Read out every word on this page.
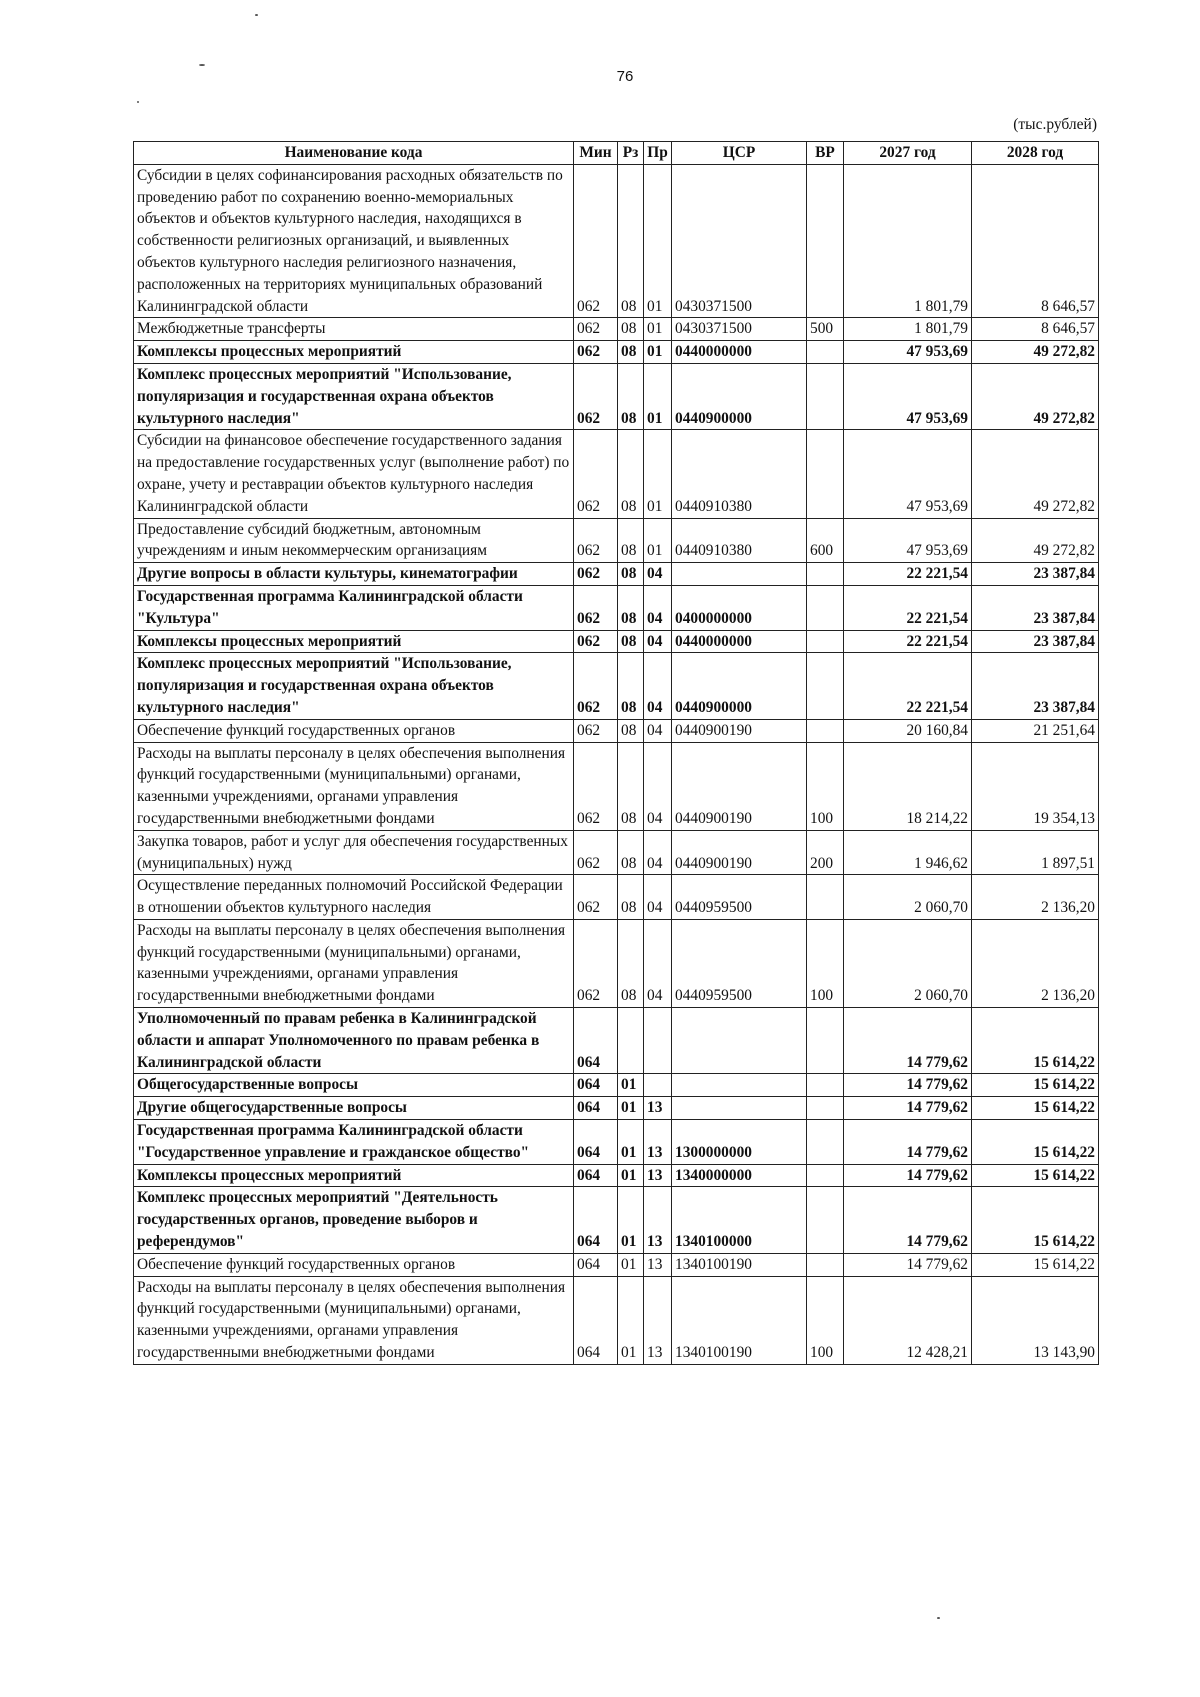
76
(тыс.рублей)
Наименование кода	Мин	Рз	Пр	ЦСР	ВР	2027 год	2028 год
Субсидии в целях софинансирования расходных обязательств по проведению работ по сохранению военно-мемориальных объектов и объектов культурного наследия, находящихся в собственности религиозных организаций, и выявленных объектов культурного наследия религиозного назначения, расположенных на территориях муниципальных образований Калининградской области	062	08	01	0430371500		1 801,79	8 646,57
Межбюджетные трансферты	062	08	01	0430371500	500	1 801,79	8 646,57
Комплексы процессных мероприятий	062	08	01	0440000000		47 953,69	49 272,82
Комплекс процессных мероприятий "Использование, популяризация и государственная охрана объектов культурного наследия"	062	08	01	0440900000		47 953,69	49 272,82
Субсидии на финансовое обеспечение государственного задания на предоставление государственных услуг (выполнение работ) по охране, учету и реставрации объектов культурного наследия Калининградской области	062	08	01	0440910380		47 953,69	49 272,82
Предоставление субсидий бюджетным, автономным учреждениям и иным некоммерческим организациям	062	08	01	0440910380	600	47 953,69	49 272,82
Другие вопросы в области культуры, кинематографии	062	08	04			22 221,54	23 387,84
Государственная программа Калининградской области "Культура"	062	08	04	0400000000		22 221,54	23 387,84
Комплексы процессных мероприятий	062	08	04	0440000000		22 221,54	23 387,84
Комплекс процессных мероприятий "Использование, популяризация и государственная охрана объектов культурного наследия"	062	08	04	0440900000		22 221,54	23 387,84
Обеспечение функций государственных органов	062	08	04	0440900190		20 160,84	21 251,64
Расходы на выплаты персоналу в целях обеспечения выполнения функций государственными (муниципальными) органами, казенными учреждениями, органами управления государственными внебюджетными фондами	062	08	04	0440900190	100	18 214,22	19 354,13
Закупка товаров, работ и услуг для обеспечения государственных (муниципальных) нужд	062	08	04	0440900190	200	1 946,62	1 897,51
Осуществление переданных полномочий Российской Федерации в отношении объектов культурного наследия	062	08	04	0440959500		2 060,70	2 136,20
Расходы на выплаты персоналу в целях обеспечения выполнения функций государственными (муниципальными) органами, казенными учреждениями, органами управления государственными внебюджетными фондами	062	08	04	0440959500	100	2 060,70	2 136,20
Уполномоченный по правам ребенка в Калининградской области и аппарат Уполномоченного по правам ребенка в Калининградской области	064					14 779,62	15 614,22
Общегосударственные вопросы	064	01				14 779,62	15 614,22
Другие общегосударственные вопросы	064	01	13			14 779,62	15 614,22
Государственная программа Калининградской области "Государственное управление и гражданское общество"	064	01	13	1300000000		14 779,62	15 614,22
Комплексы процессных мероприятий	064	01	13	1340000000		14 779,62	15 614,22
Комплекс процессных мероприятий "Деятельность государственных органов, проведение выборов и референдумов"	064	01	13	1340100000		14 779,62	15 614,22
Обеспечение функций государственных органов	064	01	13	1340100190		14 779,62	15 614,22
Расходы на выплаты персоналу в целях обеспечения выполнения функций государственными (муниципальными) органами, казенными учреждениями, органами управления государственными внебюджетными фондами	064	01	13	1340100190	100	12 428,21	13 143,90
